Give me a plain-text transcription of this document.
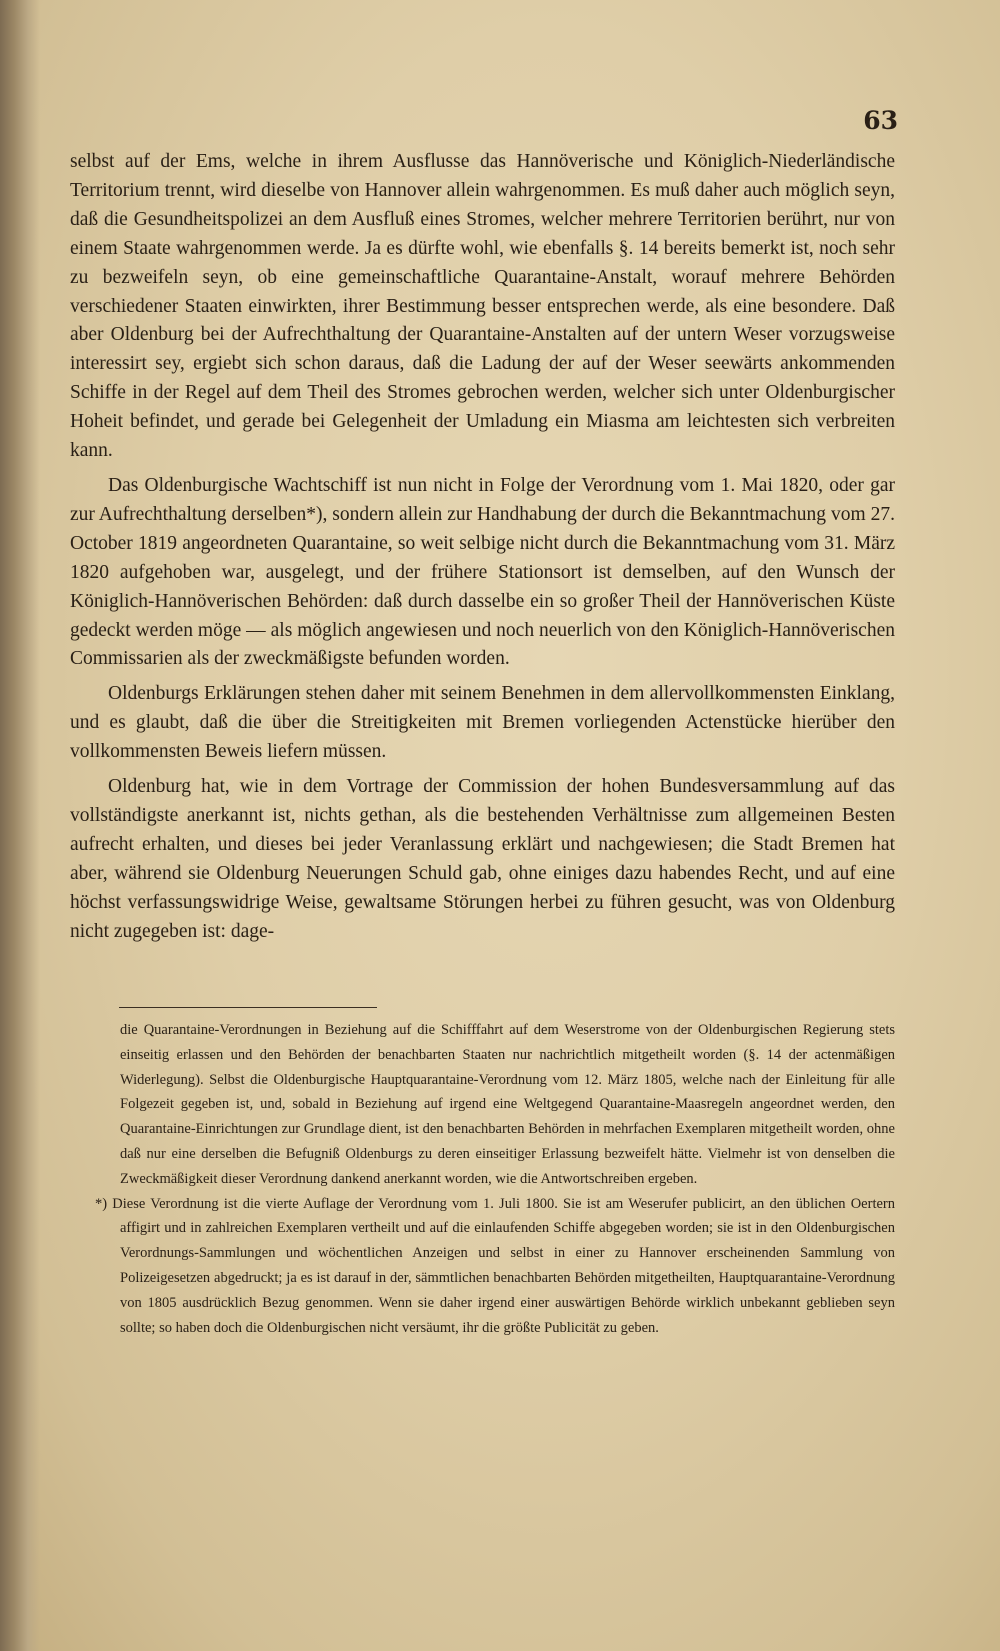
63

selbst auf der Ems, welche in ihrem Ausflusse das Hannöverische und Königlich-Niederländische Territorium trennt, wird dieselbe von Hannover allein wahrgenommen. Es muß daher auch möglich seyn, daß die Gesundheitspolizei an dem Ausfluß eines Stromes, welcher mehrere Territorien berührt, nur von einem Staate wahrgenommen werde. Ja es dürfte wohl, wie ebenfalls §. 14 bereits bemerkt ist, noch sehr zu bezweifeln seyn, ob eine gemeinschaftliche Quarantaine-Anstalt, worauf mehrere Behörden verschiedener Staaten einwirkten, ihrer Bestimmung besser entsprechen werde, als eine besondere. Daß aber Oldenburg bei der Aufrechthaltung der Quarantaine-Anstalten auf der untern Weser vorzugsweise interessirt sey, ergiebt sich schon daraus, daß die Ladung der auf der Weser seewärts ankommenden Schiffe in der Regel auf dem Theil des Stromes gebrochen werden, welcher sich unter Oldenburgischer Hoheit befindet, und gerade bei Gelegenheit der Umladung ein Miasma am leichtesten sich verbreiten kann.

Das Oldenburgische Wachtschiff ist nun nicht in Folge der Verordnung vom 1. Mai 1820, oder gar zur Aufrechthaltung derselben*), sondern allein zur Handhabung der durch die Bekanntmachung vom 27. October 1819 angeordneten Quarantaine, so weit selbige nicht durch die Bekanntmachung vom 31. März 1820 aufgehoben war, ausgelegt, und der frühere Stationsort ist demselben, auf den Wunsch der Königlich-Hannöverischen Behörden: daß durch dasselbe ein so großer Theil der Hannöverischen Küste gedeckt werden möge — als möglich angewiesen und noch neuerlich von den Königlich-Hannöverischen Commissarien als der zweckmäßigste befunden worden.

Oldenburgs Erklärungen stehen daher mit seinem Benehmen in dem allervollkommensten Einklang, und es glaubt, daß die über die Streitigkeiten mit Bremen vorliegenden Actenstücke hierüber den vollkommensten Beweis liefern müssen.

Oldenburg hat, wie in dem Vortrage der Commission der hohen Bundesversammlung auf das vollständigste anerkannt ist, nichts gethan, als die bestehenden Verhältnisse zum allgemeinen Besten aufrecht erhalten, und dieses bei jeder Veranlassung erklärt und nachgewiesen; die Stadt Bremen hat aber, während sie Oldenburg Neuerungen Schuld gab, ohne einiges dazu habendes Recht, und auf eine höchst verfassungswidrige Weise, gewaltsame Störungen herbei zu führen gesucht, was von Oldenburg nicht zugegeben ist: dage-

die Quarantaine-Verordnungen in Beziehung auf die Schifffahrt auf dem Weserstrome von der Oldenburgischen Regierung stets einseitig erlassen und den Behörden der benachbarten Staaten nur nachrichtlich mitgetheilt worden (§. 14 der actenmäßigen Widerlegung). Selbst die Oldenburgische Hauptquarantaine-Verordnung vom 12. März 1805, welche nach der Einleitung für alle Folgezeit gegeben ist, und, sobald in Beziehung auf irgend eine Weltgegend Quarantaine-Maasregeln angeordnet werden, den Quarantaine-Einrichtungen zur Grundlage dient, ist den benachbarten Behörden in mehrfachen Exemplaren mitgetheilt worden, ohne daß nur eine derselben die Befugniß Oldenburgs zu deren einseitiger Erlassung bezweifelt hätte. Vielmehr ist von denselben die Zweckmäßigkeit dieser Verordnung dankend anerkannt worden, wie die Antwortschreiben ergeben.

*) Diese Verordnung ist die vierte Auflage der Verordnung vom 1. Juli 1800. Sie ist am Weserufer publicirt, an den üblichen Oertern affigirt und in zahlreichen Exemplaren vertheilt und auf die einlaufenden Schiffe abgegeben worden; sie ist in den Oldenburgischen Verordnungs-Sammlungen und wöchentlichen Anzeigen und selbst in einer zu Hannover erscheinenden Sammlung von Polizeigesetzen abgedruckt; ja es ist darauf in der, sämmtlichen benachbarten Behörden mitgetheilten, Hauptquarantaine-Verordnung von 1805 ausdrücklich Bezug genommen. Wenn sie daher irgend einer auswärtigen Behörde wirklich unbekannt geblieben seyn sollte; so haben doch die Oldenburgischen nicht versäumt, ihr die größte Publicität zu geben.
